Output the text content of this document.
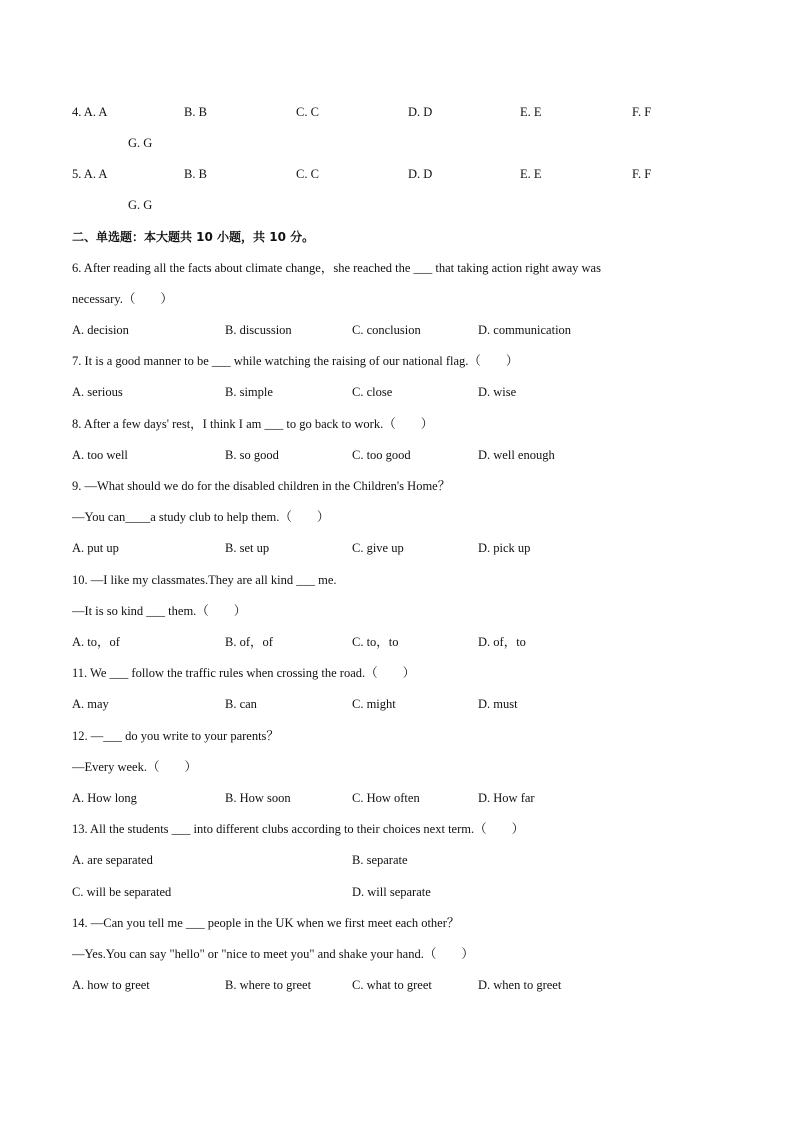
4. A. A	B. B	C. C	D. D	E. E	F. F
G. G
5. A. A	B. B	C. C	D. D	E. E	F. F
G. G
二、单选题：本大题共 10 小题，共 10 分。
6. After reading all the facts about climate change，she reached the ___ that taking action right away was
necessary.（　　）
A. decision	B. discussion	C. conclusion	D. communication
7. It is a good manner to be ___ while watching the raising of our national flag.（　　）
A. serious	B. simple	C. close	D. wise
8. After a few days' rest，I think I am ___ to go back to work.（　　）
A. too well	B. so good	C. too good	D. well enough
9. —What should we do for the disabled children in the Children's Home？
—You can____a study club to help them.（　　）
A. put up	B. set up	C. give up	D. pick up
10. —I like my classmates.They are all kind ___ me.
—It is so kind ___ them.（　　）
A. to，of	B. of，of	C. to，to	D. of，to
11. We ___ follow the traffic rules when crossing the road.（　　）
A. may	B. can	C. might	D. must
12. —___ do you write to your parents？
—Every week.（　　）
A. How long	B. How soon	C. How often	D. How far
13. All the students ___ into different clubs according to their choices next term.（　　）
A. are separated	B. separate
C. will be separated	D. will separate
14. —Can you tell me ___ people in the UK when we first meet each other？
—Yes.You can say "hello" or "nice to meet you" and shake your hand.（　　）
A. how to greet	B. where to greet	C. what to greet	D. when to greet
